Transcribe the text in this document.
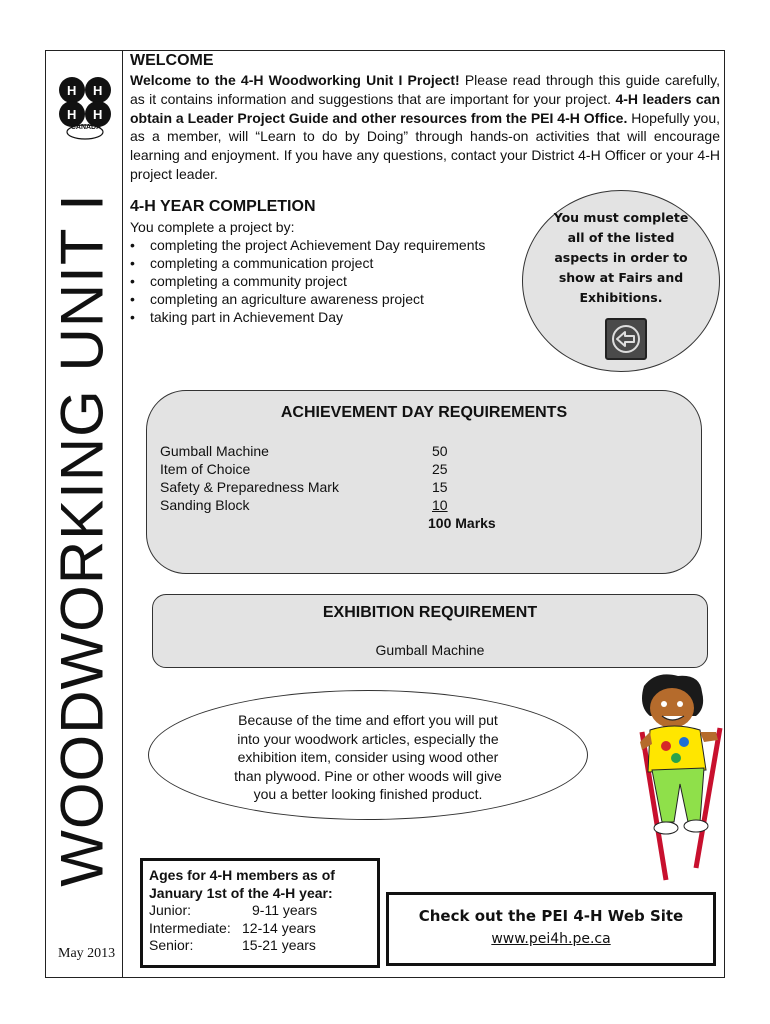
H H
H H
CANADA
WOODWORKING UNIT I
May 2013
WELCOME
Welcome to the 4-H Woodworking Unit I Project! Please read through this guide carefully, as it contains information and suggestions that are important for your project. 4-H leaders can obtain a Leader Project Guide and other resources from the PEI 4-H Office. Hopefully you, as a member, will “Learn to do by Doing” through hands-on activities that will encourage learning and enjoyment. If you have any questions, contact your District 4-H Officer or your 4-H project leader.
4-H YEAR COMPLETION
You complete a project by:
• completing the project Achievement Day requirements
• completing a communication project
• completing a community project
• completing an agriculture awareness project
• taking part in Achievement Day
You must complete
all of the listed
aspects in order to
show at Fairs and
Exhibitions.
ACHIEVEMENT DAY REQUIREMENTS
Gumball Machine	50
Item of Choice	25
Safety & Preparedness Mark	15
Sanding Block	10
100 Marks
EXHIBITION REQUIREMENT
Gumball Machine
Because of the time and effort you will put
into your woodwork articles, especially the
exhibition item, consider using wood other
than plywood. Pine or other woods will give
you a better looking finished product.
Ages for 4-H members as of
January 1st of the 4-H year:
Junior:	9-11 years
Intermediate: 12-14 years
Senior:	15-21 years
Check out the PEI 4-H Web Site
www.pei4h.pe.ca
